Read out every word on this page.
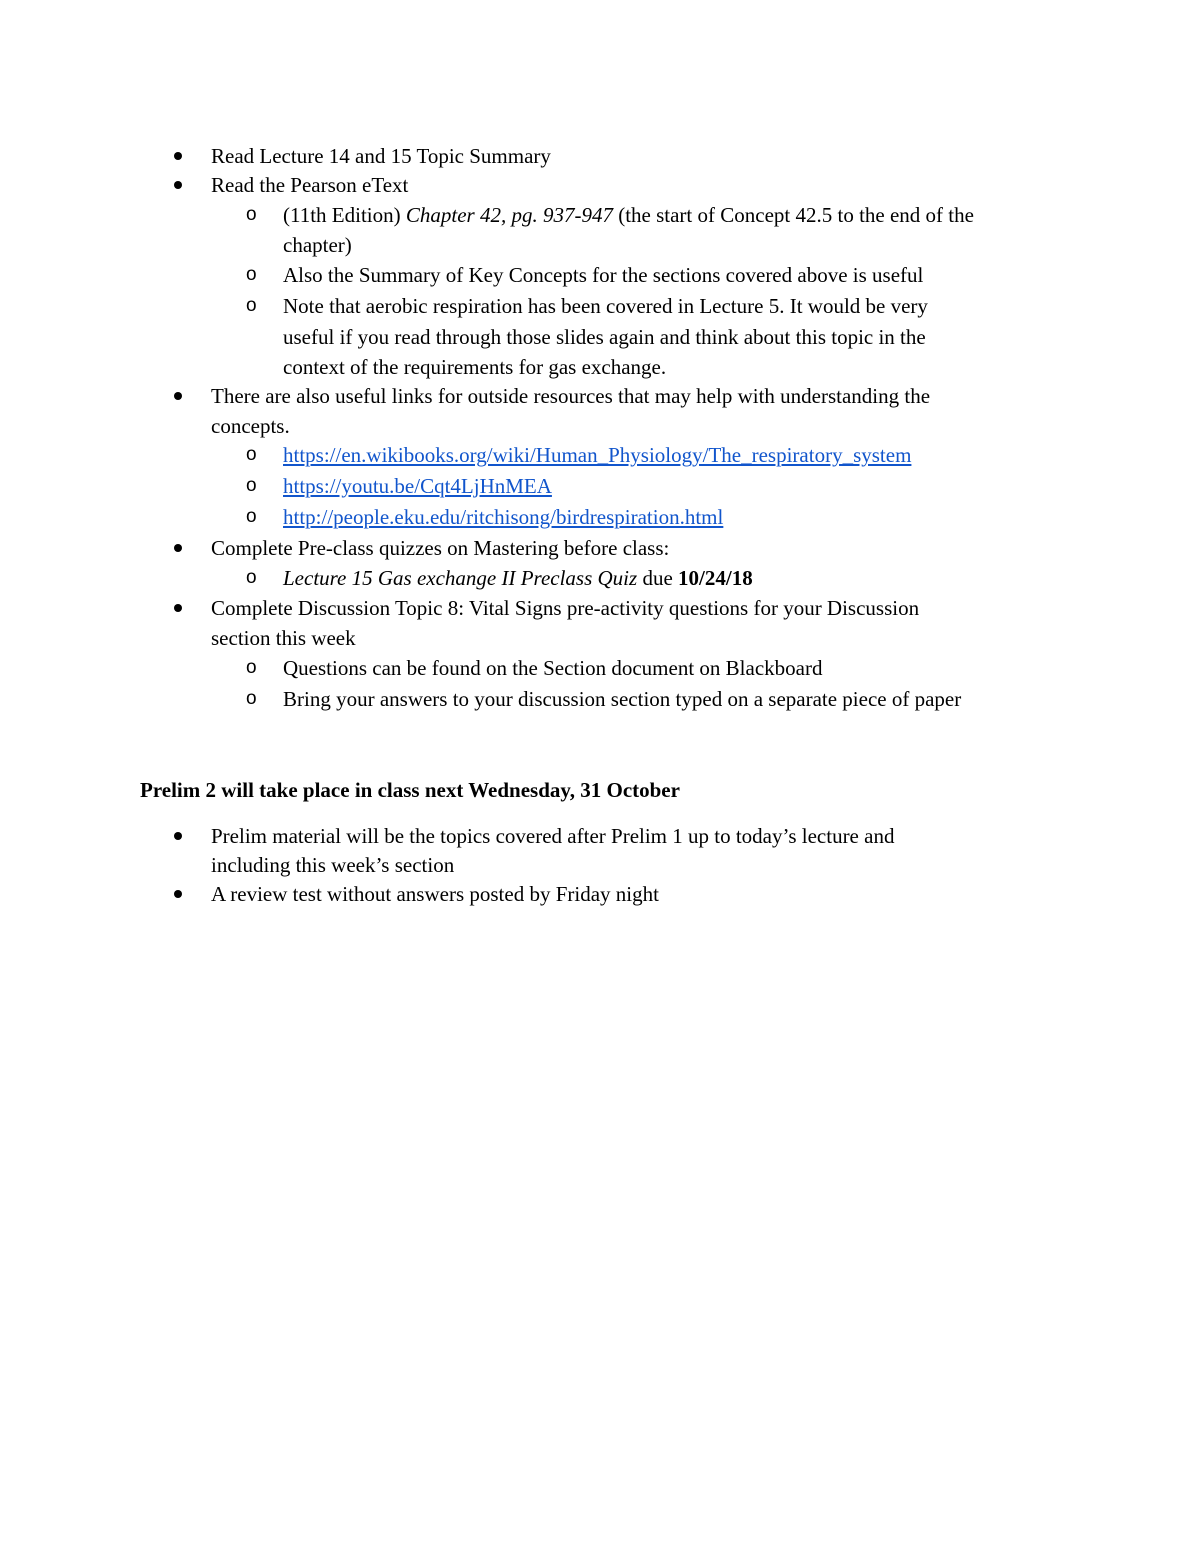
Read Lecture 14 and 15 Topic Summary
Read the Pearson eText
o (11th Edition) Chapter 42, pg. 937-947 (the start of Concept 42.5 to the end of the
chapter)
o Also the Summary of Key Concepts for the sections covered above is useful
o Note that aerobic respiration has been covered in Lecture 5. It would be very
useful if you read through those slides again and think about this topic in the
context of the requirements for gas exchange.
There are also useful links for outside resources that may help with understanding the
concepts.
o https://en.wikibooks.org/wiki/Human_Physiology/The_respiratory_system
o https://youtu.be/Cqt4LjHnMEA
o http://people.eku.edu/ritchisong/birdrespiration.html
Complete Pre-class quizzes on Mastering before class:
o Lecture 15 Gas exchange II Preclass Quiz due 10/24/18
Complete Discussion Topic 8: Vital Signs pre-activity questions for your Discussion
section this week
o Questions can be found on the Section document on Blackboard
o Bring your answers to your discussion section typed on a separate piece of paper
Prelim 2 will take place in class next Wednesday, 31 October
Prelim material will be the topics covered after Prelim 1 up to today’s lecture and
including this week’s section
A review test without answers posted by Friday night
